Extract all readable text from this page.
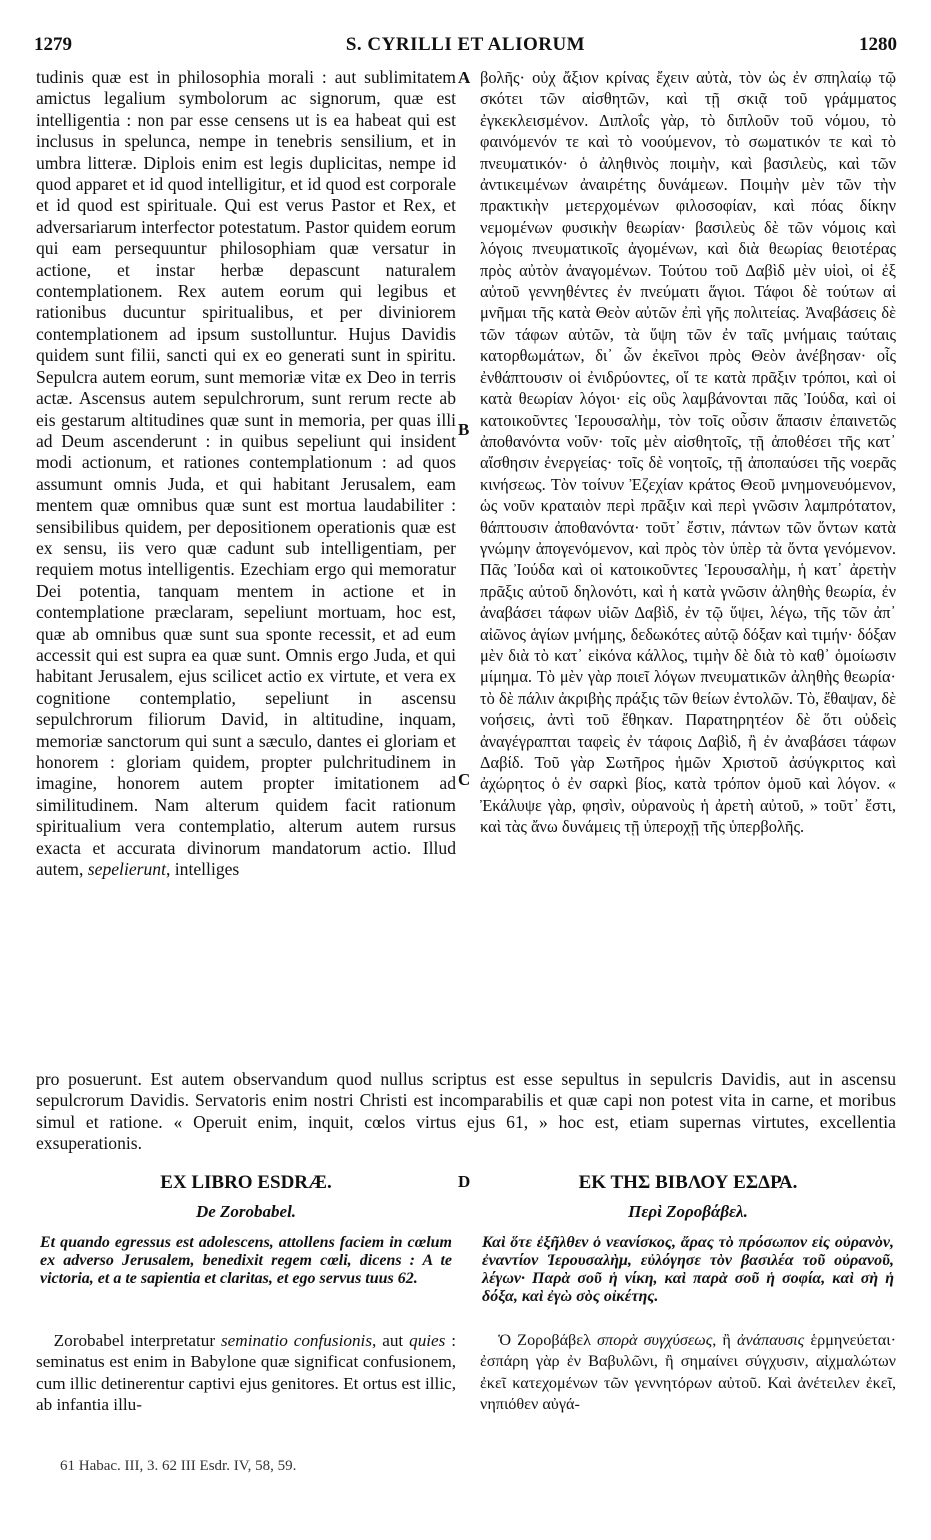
1279	S. CYRILLI ET ALIORUM	1280

tudinis quæ est in philosophia morali : aut sublimitatem amictus legalium symbolorum ac signorum, quæ est intelligentia : non par esse censens ut is ea habeat qui est inclusus in spelunca, nempe in tenebris sensilium, et in umbra litteræ. Diplois enim est legis duplicitas, nempe id quod apparet et id quod intelligitur, et id quod est corporale et id quod est spirituale. Qui est verus Pastor et Rex, et adversariarum interfector potestatum. Pastor quidem eorum qui eam persequuntur philosophiam quæ versatur in actione, et instar herbæ depascunt naturalem contemplationem. Rex autem eorum qui legibus et rationibus ducuntur spiritualibus, et per diviniorem contemplationem ad ipsum sustolluntur. Hujus Davidis quidem sunt filii, sancti qui ex eo generati sunt in spiritu. Sepulcra autem eorum, sunt memoriæ vitæ ex Deo in terris actæ. Ascensus autem sepulchrorum, sunt rerum recte ab eis gestarum altitudines quæ sunt in memoria, per quas illi ad Deum ascenderunt : in quibus sepeliunt qui insident modi actionum, et rationes contemplationum : ad quos assumunt omnis Juda, et qui habitant Jerusalem, eam mentem quæ omnibus quæ sunt est mortua laudabiliter : sensibilibus quidem, per depositionem operationis quæ est ex sensu, iis vero quæ cadunt sub intelligentiam, per requiem motus intelligentis. Ezechiam ergo qui memoratur Dei potentia, tanquam mentem in actione et in contemplatione præclaram, sepeliunt mortuam, hoc est, quæ ab omnibus quæ sunt sua sponte recessit, et ad eum accessit qui est supra ea quæ sunt. Omnis ergo Juda, et qui habitant Jerusalem, ejus scilicet actio ex virtute, et vera ex cognitione contemplatio, sepeliunt in ascensu sepulchrorum filiorum David, in altitudine, inquam, memoriæ sanctorum qui sunt a sæculo, dantes ei gloriam et honorem : gloriam quidem, propter pulchritudinem in imagine, honorem autem propter imitationem ad similitudinem. Nam alterum quidem facit rationum spiritualium vera contemplatio, alterum autem rursus exacta et accurata divinorum mandatorum actio. Illud autem, sepelierunt, intelliges

βολῆς· οὐχ ἄξιον κρίνας ἔχειν αὐτὰ, τὸν ὡς ἐν σπηλαίῳ τῷ σκότει τῶν αἰσθητῶν, καὶ τῇ σκιᾷ τοῦ γράμματος ἐγκεκλεισμένον. Διπλοΐς γὰρ, τὸ διπλοῦν τοῦ νόμου, τὸ φαινόμενόν τε καὶ τὸ νοούμενον, τὸ σωματικόν τε καὶ τὸ πνευματικόν· ὁ ἀληθινὸς ποιμὴν, καὶ βασιλεὺς, καὶ τῶν ἀντικειμένων ἀναιρέτης δυνάμεων. Ποιμὴν μὲν τῶν τὴν πρακτικὴν μετερχομένων φιλοσοφίαν, καὶ πόας δίκην νεμομένων φυσικὴν θεωρίαν· βασιλεὺς δὲ τῶν νόμοις καὶ λόγοις πνευματικοῖς ἀγομένων, καὶ διὰ θεωρίας θειοτέρας πρὸς αὐτὸν ἀναγομένων. Τούτου τοῦ Δαβὶδ μὲν υἱοὶ, οἱ ἐξ αὐτοῦ γεννηθέντες ἐν πνεύματι ἅγιοι. Τάφοι δὲ τούτων αἱ μνῆμαι τῆς κατὰ Θεὸν αὐτῶν ἐπὶ γῆς πολιτείας. Ἀναβάσεις δὲ τῶν τάφων αὐτῶν, τὰ ὕψη τῶν ἐν ταῖς μνήμαις ταύταις κατορθωμάτων, δι᾿ ὧν ἐκεῖνοι πρὸς Θεὸν ἀνέβησαν· οἷς ἐνθάπτουσιν οἱ ἐνιδρύοντες, οἵ τε κατὰ πρᾶξιν τρόποι, καὶ οἱ κατὰ θεωρίαν λόγοι· εἰς οὓς λαμβάνονται πᾶς Ἰούδα, καὶ οἱ κατοικοῦντες Ἱερουσαλὴμ, τὸν τοῖς οὖσιν ἅπασιν ἐπαινετῶς ἀποθανόντα νοῦν· τοῖς μὲν αἰσθητοῖς, τῇ ἀποθέσει τῆς κατ᾿ αἴσθησιν ἐνεργείας· τοῖς δὲ νοητοῖς, τῇ ἀποπαύσει τῆς νοερᾶς κινήσεως. Τὸν τοίνυν Ἐζεχίαν κράτος Θεοῦ μνημονευόμενον, ὡς νοῦν κραταιὸν περὶ πρᾶξιν καὶ περὶ γνῶσιν λαμπρότατον, θάπτουσιν ἀποθανόντα· τοῦτ᾿ ἔστιν, πάντων τῶν ὄντων κατὰ γνώμην ἀπογενόμενον, καὶ πρὸς τὸν ὑπὲρ τὰ ὄντα γενόμενον. Πᾶς Ἰούδα καὶ οἱ κατοικοῦντες Ἱερουσαλὴμ, ἡ κατ᾿ ἀρετὴν πρᾶξις αὐτοῦ δηλονότι, καὶ ἡ κατὰ γνῶσιν ἀληθὴς θεωρία, ἐν ἀναβάσει τάφων υἱῶν Δαβὶδ, ἐν τῷ ὕψει, λέγω, τῆς τῶν ἀπ᾿ αἰῶνος ἁγίων μνήμης, δεδωκότες αὐτῷ δόξαν καὶ τιμήν· δόξαν μὲν διὰ τὸ κατ᾿ εἰκόνα κάλλος, τιμὴν δὲ διὰ τὸ καθ᾿ ὁμοίωσιν μίμημα. Τὸ μὲν γὰρ ποιεῖ λόγων πνευματικῶν ἀληθὴς θεωρία· τὸ δὲ πάλιν ἀκριβὴς πράξις τῶν θείων ἐντολῶν. Τὸ, ἔθαψαν, δὲ νοήσεις, ἀντὶ τοῦ ἔθηκαν. Παρατηρητέον δὲ ὅτι οὐδεὶς ἀναγέγραπται ταφεὶς ἐν τάφοις Δαβὶδ, ἢ ἐν ἀναβάσει τάφων Δαβίδ. Τοῦ γὰρ Σωτῆρος ἡμῶν Χριστοῦ ἀσύγκριτος καὶ ἀχώρητος ὁ ἐν σαρκὶ βίος, κατὰ τρόπον ὁμοῦ καὶ λόγον. « Ἐκάλυψε γὰρ, φησὶν, οὐρανοὺς ἡ ἀρετὴ αὐτοῦ, » τοῦτ᾿ ἔστι, καὶ τὰς ἄνω δυνάμεις τῇ ὑπεροχῇ τῆς ὑπερβολῆς.

A
B
C
D
pro posuerunt. Est autem observandum quod nullus scriptus est esse sepultus in sepulcris Davidis, aut in ascensu sepulcrorum Davidis. Servatoris enim nostri Christi est incomparabilis et quæ capi non potest vita in carne, et moribus simul et ratione. « Operuit enim, inquit, cœlos virtus ejus 61, » hoc est, etiam supernas virtutes, excellentia exsuperationis.
EX LIBRO ESDRÆ.
De Zorobabel.
Et quando egressus est adolescens, attollens faciem in cœlum ex adverso Jerusalem, benedixit regem cœli, dicens : A te victoria, et a te sapientia et claritas, et ego servus tuus 62.
Zorobabel interpretatur seminatio confusionis, aut quies : seminatus est enim in Babylone quæ significat confusionem, cum illic detinerentur captivi ejus genitores. Et ortus est illic, ab infantia illu-
ΕΚ ΤΗΣ ΒΙΒΛΟΥ ΕΣΔΡΑ.
Περὶ Ζοροβάβελ.
Καὶ ὅτε ἐξῆλθεν ὁ νεανίσκος, ἄρας τὸ πρόσωπον εἰς οὐρανὸν, ἐναντίον Ἱερουσαλὴμ, εὐλόγησε τὸν βασιλέα τοῦ οὐρανοῦ, λέγων· Παρὰ σοῦ ἡ νίκη, καὶ παρὰ σοῦ ἡ σοφία, καὶ σὴ ἡ δόξα, καὶ ἐγὼ σὸς οἰκέτης.
Ὁ Ζοροβάβελ σπορὰ συγχύσεως, ἢ ἀνάπαυσις ἑρμηνεύεται· ἐσπάρη γὰρ ἐν Βαβυλῶνι, ἢ σημαίνει σύγχυσιν, αἰχμαλώτων ἐκεῖ κατεχομένων τῶν γεννητόρων αὐτοῦ. Καὶ ἀνέτειλεν ἐκεῖ, νηπιόθεν αὐγά-
61 Habac. III, 3. 62 III Esdr. IV, 58, 59.
